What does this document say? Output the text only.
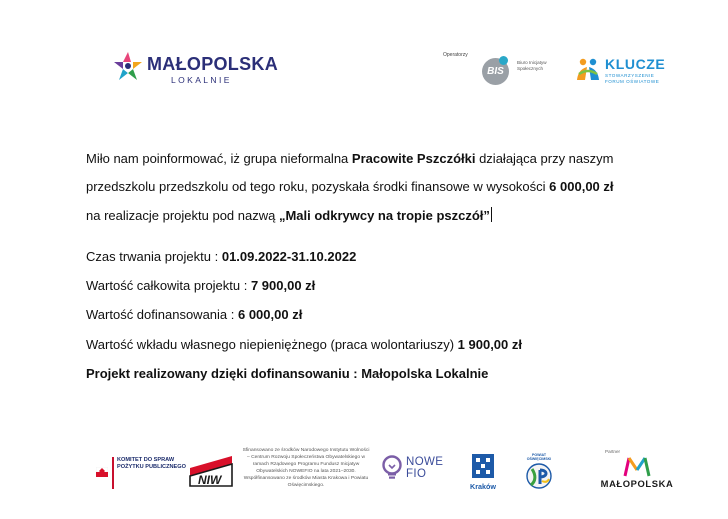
MAŁOPOLSKA
LOKALNIE
Operatorzy
BIS
Biuro Inicjatyw Społecznych	KLUCZE
STOWARZYSZENIE
FORUM OŚWIATOWE
Miło nam poinformować, iż grupa nieformalna Pracowite Pszczółki działająca przy naszym
przedszkolu przedszkolu od tego roku, pozyskała środki finansowe w wysokości 6 000,00 zł
na realizacje projektu pod nazwą „Mali odkrywcy na tropie pszczół”
Czas trwania projektu : 01.09.2022-31.10.2022
Wartość całkowita projektu : 7 900,00 zł
Wartość dofinansowania : 6 000,00 zł
Wartość wkładu własnego niepieniężnego (praca wolontariuszy) 1 900,00 zł
Projekt realizowany dzięki dofinansowaniu : Małopolska Lokalnie
KOMITET DO SPRAW POŻYTKU PUBLICZNEGO
NIW
Sfinansowano ze środków Narodowego Instytutu Wolności – Centrum Rozwoju Społeczeństwa Obywatelskiego w ramach Rządowego Programu Fundusz Inicjatyw Obywatelskich NOWEFIO na lata 2021–2030. Współfinansowano ze środków Miasta Krakowa i Powiatu Oświęcimskiego.
NOWE
FIO
Kraków
POWIAT OŚWIĘCIMSKI
Partner
MAŁOPOLSKA
